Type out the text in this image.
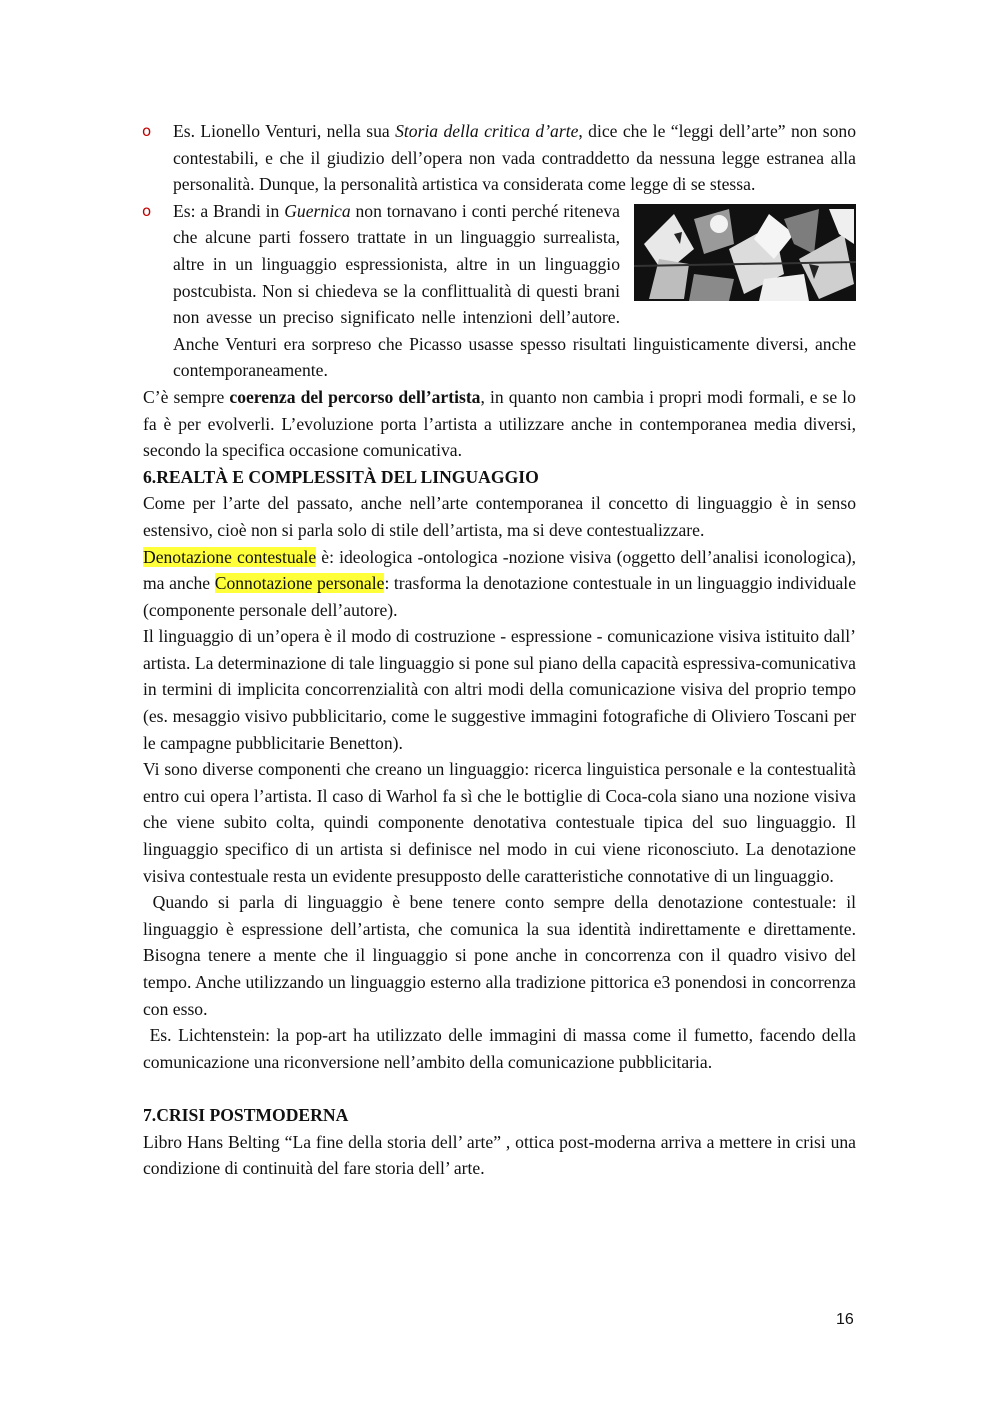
o Es. Lionello Venturi, nella sua Storia della critica d’arte, dice che le “leggi dell’arte” non sono contestabili, e che il giudizio dell’opera non vada contraddetto da nessuna legge estranea alla personalità. Dunque, la personalità artistica va considerata come legge di se stessa.

o Es: a Brandi in Guernica non tornavano i conti perché riteneva che alcune parti fossero trattate in un linguaggio surrealista, altre in un linguaggio espressionista, altre in un linguaggio postcubista. Non si chiedeva se la conflittualità di questi brani non avesse un preciso significato nelle intenzioni dell’autore. Anche Venturi era sorpreso che Picasso usasse spesso risultati linguisticamente diversi, anche contemporaneamente.

C’è sempre coerenza del percorso dell’artista, in quanto non cambia i propri modi formali, e se lo fa è per evolverli. L’evoluzione porta l’artista a utilizzare anche in contemporanea media diversi, secondo la specifica occasione comunicativa.

6.REALTÀ E COMPLESSITÀ DEL LINGUAGGIO

Come per l’arte del passato, anche nell’arte contemporanea il concetto di linguaggio è in senso estensivo, cioè non si parla solo di stile dell’artista, ma si deve contestualizzare.

Denotazione contestuale è: ideologica -ontologica -nozione visiva (oggetto dell’analisi iconologica), ma anche Connotazione personale: trasforma la denotazione contestuale in un linguaggio individuale (componente personale dell’autore).

Il linguaggio di un’opera è il modo di costruzione - espressione - comunicazione visiva istituito dall’ artista. La determinazione di tale linguaggio si pone sul piano della capacità espressiva-comunicativa in termini di implicita concorrenzialità con altri modi della comunicazione visiva del proprio tempo (es. mesaggio visivo pubblicitario, come le suggestive immagini fotografiche di Oliviero Toscani per le campagne pubblicitarie Benetton).

Vi sono diverse componenti che creano un linguaggio: ricerca linguistica personale e la contestualità entro cui opera l’artista. Il caso di Warhol fa sì che le bottiglie di Coca-cola siano una nozione visiva che viene subito colta, quindi componente denotativa contestuale tipica del suo linguaggio. Il linguaggio specifico di un artista si definisce nel modo in cui viene riconosciuto. La denotazione visiva contestuale resta un evidente presupposto delle caratteristiche connotative di un linguaggio.

Quando si parla di linguaggio è bene tenere conto sempre della denotazione contestuale: il linguaggio è espressione dell’artista, che comunica la sua identità indirettamente e direttamente. Bisogna tenere a mente che il linguaggio si pone anche in concorrenza con il quadro visivo del tempo. Anche utilizzando un linguaggio esterno alla tradizione pittorica e3 ponendosi in concorrenza con esso.

Es. Lichtenstein: la pop-art ha utilizzato delle immagini di massa come il fumetto, facendo della comunicazione una riconversione nell’ambito della comunicazione pubblicitaria.

7.CRISI POSTMODERNA

Libro Hans Belting “La fine della storia dell’ arte” , ottica post-moderna arriva a mettere in crisi una condizione di continuità del fare storia dell’ arte.

16
